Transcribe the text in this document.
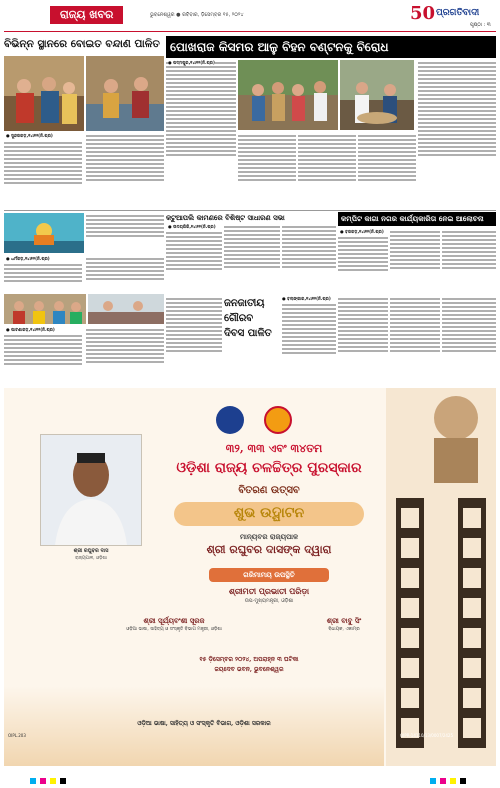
ରାଜ୍ୟ ଖବର	ଭୁବନେଶ୍ୱର ● ରବିବାର, ଡ଼ିସେମ୍ବର ୧୫, ୨୦୨୪	50 ପ୍ରଗତିବାଦୀ
ପୃଷ୍ଠା : ୩
ବିଭିନ୍ନ ସ୍ଥାନରେ ବୋଇତ ବନ୍ଦାଣ ପାଳିତ ପୋଖରାଜ କିସମର ଆଳୁ ବିହନ ବଣ୍ଟନକୁ ବିରୋଧ
● ସୁନ୍ଦରଗଡ଼,୧୪ା୧୨(ନି.ପ୍ର)
● ପଦ୍ମପୁର,୧୪ା୧୨(ନି.ପ୍ର)
କଟୁଆପଲି କାମଣରେ ବିଶିଷ୍ଟ ସାଧାରଣ ସଭା	କମ୍ପିଟ କାଗା ନଗର କାର୍ଯ୍ୟକାରିତା ନେଇ ଆଲୋଚନା
● ଧର୍ମଗଡ଼,୧୪ା୧୨(ନି.ପ୍ର)
● ଉଦୟଗିରି,୧୪ା୧୨(ନି.ପ୍ର)
● ବରଗଡ଼,୧୪ା୧୨(ନି.ପ୍ର)
● ପାଟଣାଗଡ଼,୧୪ା୧୨(ନି.ପ୍ର)
ଜନଜାତୀୟ ଗୌରବ ଦିବସ ପାଳିତ
● ବଲାଙ୍ଗୀର,୧୪ା୧୨(ନି.ପ୍ର)
ଶ୍ରୀ ରଘୁବର ଦାସ
ରାଜ୍ୟପାଳ, ଓଡ଼ିଶା
୩୨, ୩୩ ଏବଂ ୩୪ତମ
ଓଡ଼ିଶା ରାଜ୍ୟ ଚଳଚ୍ଚିତ୍ର ପୁରସ୍କାର
ବିତରଣ ଉତ୍ସବ
ଶୁଭ ଉଦ୍ଘାଟନ
ମାନ୍ୟବର ରାଜ୍ୟପାଳ
ଶ୍ରୀ ରଘୁବର ଦାସଙ୍କ ଦ୍ୱାରା
ଗରିମାମୟ ଉପସ୍ଥିତି
ଶ୍ରୀମତୀ ପ୍ରଭାତୀ ପରିଡ଼ା
ଉପ-ମୁଖ୍ୟମନ୍ତ୍ରୀ, ଓଡ଼ିଶା
ଶ୍ରୀ ସୂର୍ଯ୍ୟବଂଶୀ ସୂରଜ
ଓଡ଼ିଆ ଭାଷା, ସାହିତ୍ୟ ଓ ସଂସ୍କୃତି ବିଭାଗ ମନ୍ତ୍ରୀ, ଓଡ଼ିଶା
ଶ୍ରୀ ବାବୁ ସିଂ
ବିଧାୟକ, ଏକାମ୍ର
୧୫ ଡ଼ିସେମ୍ବର ୨୦୨୪, ଅପରାହ୍ନ ୩ ଘଟିକା
ଜୟଦେବ ଭବନ, ଭୁବନେଶ୍ୱର
ଓଡ଼ିଆ ଭାଷା, ସାହିତ୍ୟ ଓ ସଂସ୍କୃତି ବିଭାଗ, ଓଡ଼ିଶା ସରକାର
OIPL.203	OIPR-14110/13/0007/2425
